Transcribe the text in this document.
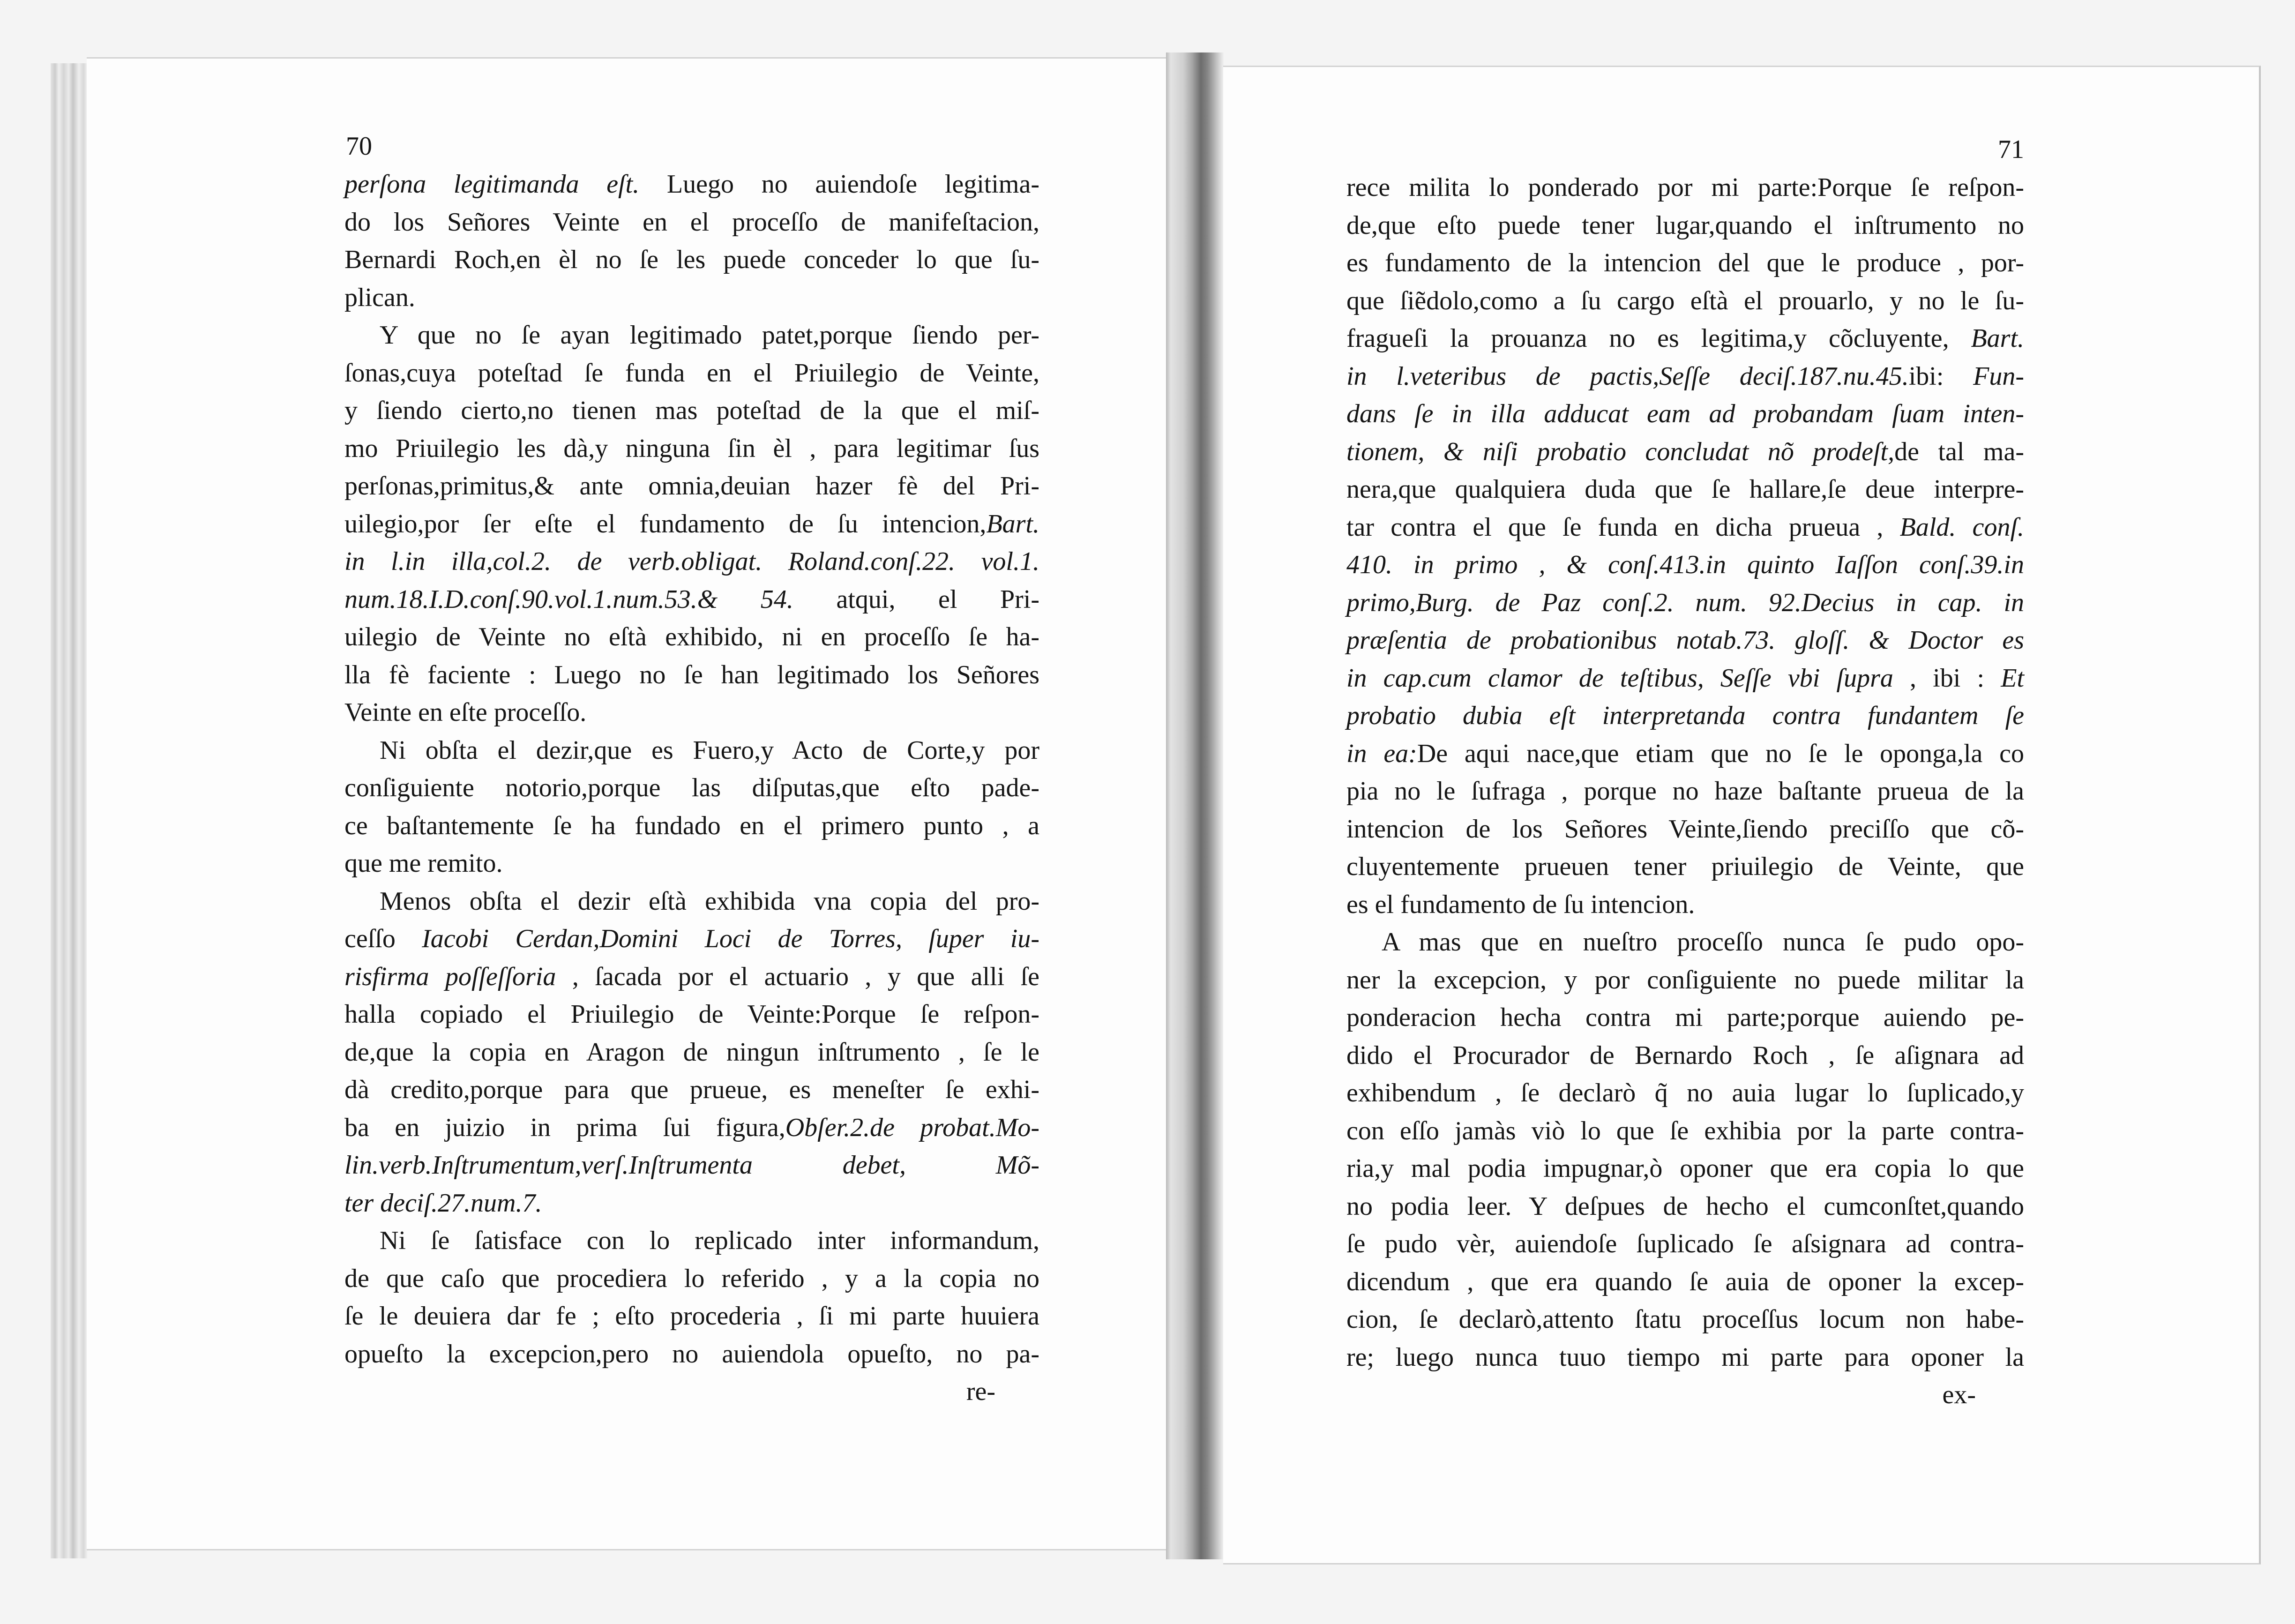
70
perſona legitimanda eſt. Luego no auiendoſe legitima-
do los Señores Veinte en el proceſſo de manifeſtacion,
Bernardi Roch,en èl no ſe les puede conceder lo que ſu-
plican.
Y que no ſe ayan legitimado patet,porque ſiendo per-
ſonas,cuya poteſtad ſe funda en el Priuilegio de Veinte,
y ſiendo cierto,no tienen mas poteſtad de la que el miſ-
mo Priuilegio les dà,y ninguna ſin èl , para legitimar ſus
perſonas,primitus,& ante omnia,deuian hazer fè del Pri-
uilegio,por ſer eſte el fundamento de ſu intencion,Bart.
in l.in illa,col.2. de verb.obligat. Roland.conſ.22. vol.1.
num.18.I.D.conſ.90.vol.1.num.53.& 54. atqui, el Pri-
uilegio de Veinte no eſtà exhibido, ni en proceſſo ſe ha-
lla fè faciente : Luego no ſe han legitimado los Señores
Veinte en eſte proceſſo.
Ni obſta el dezir,que es Fuero,y Acto de Corte,y por
conſiguiente notorio,porque las diſputas,que eſto pade-
ce baſtantemente ſe ha fundado en el primero punto , a
que me remito.
Menos obſta el dezir eſtà exhibida vna copia del pro-
ceſſo Iacobi Cerdan,Domini Loci de Torres, ſuper iu-
risfirma poſſeſſoria , ſacada por el actuario , y que alli ſe
halla copiado el Priuilegio de Veinte:Porque ſe reſpon-
de,que la copia en Aragon de ningun inſtrumento , ſe le
dà credito,porque para que prueue, es meneſter ſe exhi-
ba en juizio in prima ſui figura,Obſer.2.de probat.Mo-
lin.verb.Inſtrumentum,verſ.Inſtrumenta debet, Mõ-
ter deciſ.27.num.7.
Ni ſe ſatisface con lo replicado inter informandum,
de que caſo que procediera lo referido , y a la copia no
ſe le deuiera dar fe ; eſto procederia , ſi mi parte huuiera
opueſto la excepcion,pero no auiendola opueſto, no pa-
re-
71
rece milita lo ponderado por mi parte:Porque ſe reſpon-
de,que eſto puede tener lugar,quando el inſtrumento no
es fundamento de la intencion del que le produce , por-
que ſiẽdolo,como a ſu cargo eſtà el prouarlo, y no le ſu-
fragueſi la prouanza no es legitima,y cõcluyente, Bart.
in l.veteribus de pactis,Seſſe deciſ.187.nu.45.ibi: Fun-
dans ſe in illa adducat eam ad probandam ſuam inten-
tionem, & niſi probatio concludat nõ prodeſt,de tal ma-
nera,que qualquiera duda que ſe hallare,ſe deue interpre-
tar contra el que ſe funda en dicha prueua , Bald. conſ.
410. in primo , & conſ.413.in quinto Iaſſon conſ.39.in
primo,Burg. de Paz conſ.2. num. 92.Decius in cap. in
præſentia de probationibus notab.73. gloſſ. & Doctor es
in cap.cum clamor de teſtibus, Seſſe vbi ſupra , ibi : Et
probatio dubia eſt interpretanda contra fundantem ſe
in ea:De aqui nace,que etiam que no ſe le oponga,la co
pia no le ſufraga , porque no haze baſtante prueua de la
intencion de los Señores Veinte,ſiendo preciſſo que cõ-
cluyentemente prueuen tener priuilegio de Veinte, que
es el fundamento de ſu intencion.
A mas que en nueſtro proceſſo nunca ſe pudo opo-
ner la excepcion, y por conſiguiente no puede militar la
ponderacion hecha contra mi parte;porque auiendo pe-
dido el Procurador de Bernardo Roch , ſe aſignara ad
exhibendum , ſe declarò q̃ no auia lugar lo ſuplicado,y
con eſſo jamàs viò lo que ſe exhibia por la parte contra-
ria,y mal podia impugnar,ò oponer que era copia lo que
no podia leer. Y deſpues de hecho el cumconſtet,quando
ſe pudo vèr, auiendoſe ſuplicado ſe aſsignara ad contra-
dicendum , que era quando ſe auia de oponer la excep-
cion, ſe declarò,attento ſtatu proceſſus locum non habe-
re; luego nunca tuuo tiempo mi parte para oponer la
ex-
